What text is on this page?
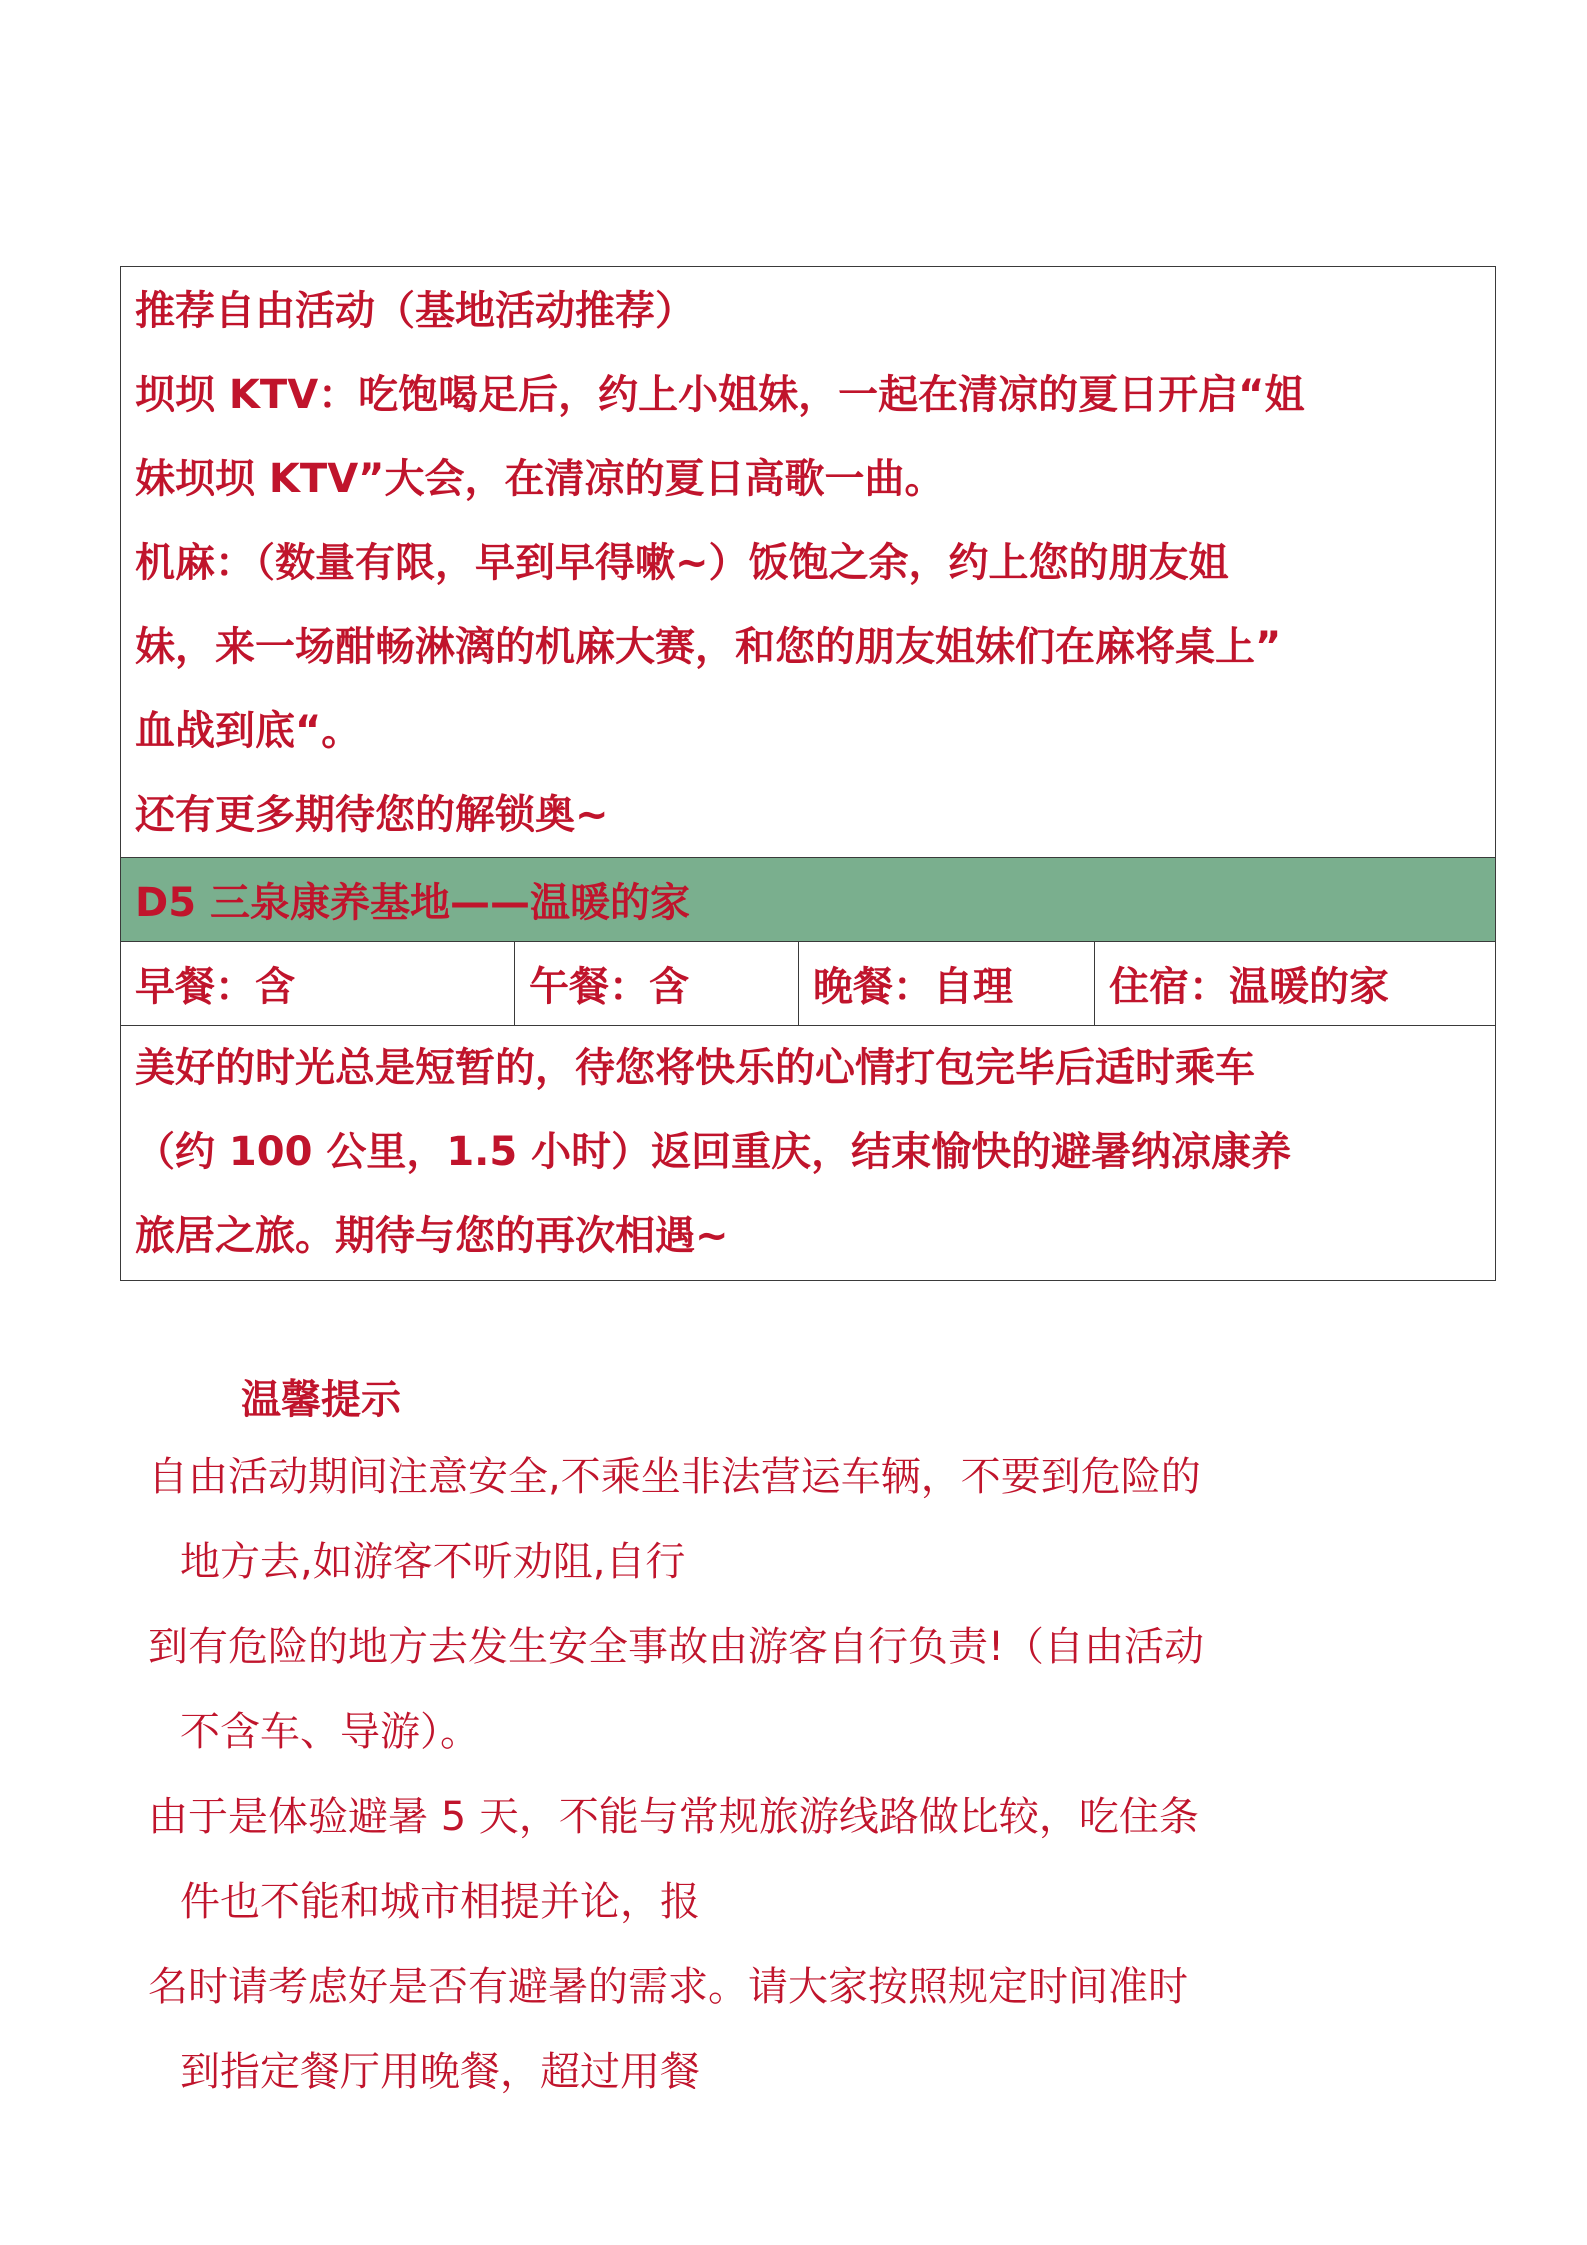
推荐自由活动（基地活动推荐）

坝坝 KTV：吃饱喝足后，约上小姐妹，一起在清凉的夏日开启“姐

妹坝坝 KTV”大会，在清凉的夏日高歌一曲。

机麻：（数量有限，早到早得嗽~）饭饱之余，约上您的朋友姐

妹，来一场酣畅淋漓的机麻大赛，和您的朋友姐妹们在麻将桌上”

血战到底“。

还有更多期待您的解锁奥~

D5 三泉康养基地——温暖的家
早餐：含	午餐：含	晚餐：自理	住宿：温暖的家

美好的时光总是短暂的，待您将快乐的心情打包完毕后适时乘车

（约 100 公里，1.5 小时）返回重庆，结束愉快的避暑纳凉康养

旅居之旅。期待与您的再次相遇~

温馨提示

自由活动期间注意安全,不乘坐非法营运车辆，不要到危险的

地方去,如游客不听劝阻,自行

到有危险的地方去发生安全事故由游客自行负责!（自由活动

不含车、导游）。

由于是体验避暑 5 天，不能与常规旅游线路做比较，吃住条

件也不能和城市相提并论，报

名时请考虑好是否有避暑的需求。请大家按照规定时间准时

到指定餐厅用晚餐，超过用餐
